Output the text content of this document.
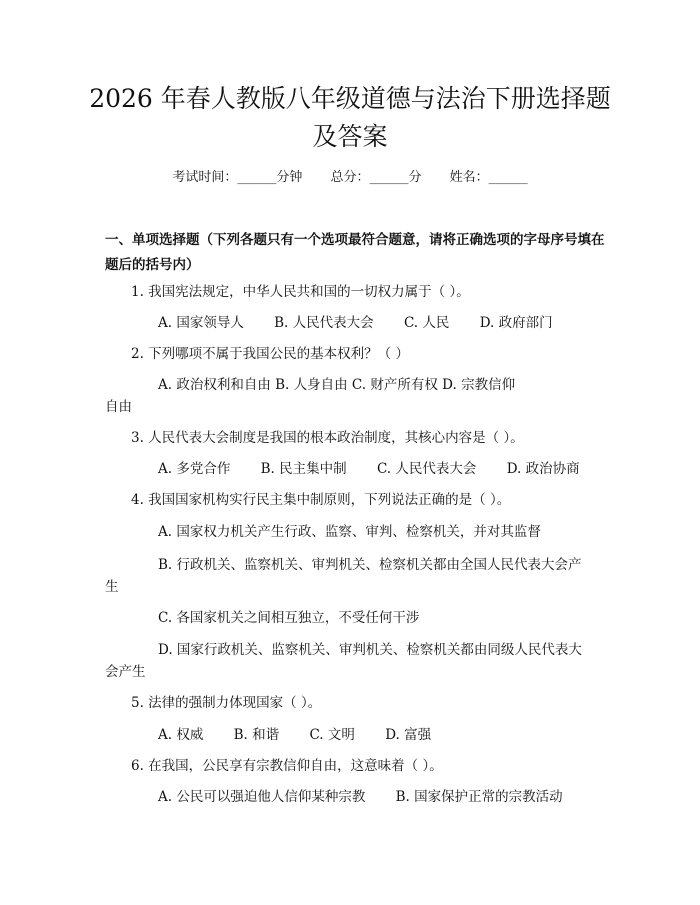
2026 年春人教版八年级道德与法治下册选择题及答案
考试时间：______分钟 总分：______分 姓名：______

一、单项选择题（下列各题只有一个选项最符合题意，请将正确选项的字母序号填在题后的括号内）

1. 我国宪法规定，中华人民共和国的一切权力属于（ ）。
A. 国家领导人 B. 人民代表大会 C. 人民 D. 政府部门
2. 下列哪项不属于我国公民的基本权利？（ ）
A. 政治权利和自由 B. 人身自由 C. 财产所有权 D. 宗教信仰
自由
3. 人民代表大会制度是我国的根本政治制度，其核心内容是（ ）。
A. 多党合作 B. 民主集中制 C. 人民代表大会 D. 政治协商
4. 我国国家机构实行民主集中制原则，下列说法正确的是（ ）。
A. 国家权力机关产生行政、监察、审判、检察机关，并对其监督
B. 行政机关、监察机关、审判机关、检察机关都由全国人民代表大会产
生
C. 各国家机关之间相互独立，不受任何干涉
D. 国家行政机关、监察机关、审判机关、检察机关都由同级人民代表大
会产生
5. 法律的强制力体现国家（ ）。
A. 权威 B. 和谐 C. 文明 D. 富强
6. 在我国，公民享有宗教信仰自由，这意味着（ ）。
A. 公民可以强迫他人信仰某种宗教 B. 国家保护正常的宗教活动
